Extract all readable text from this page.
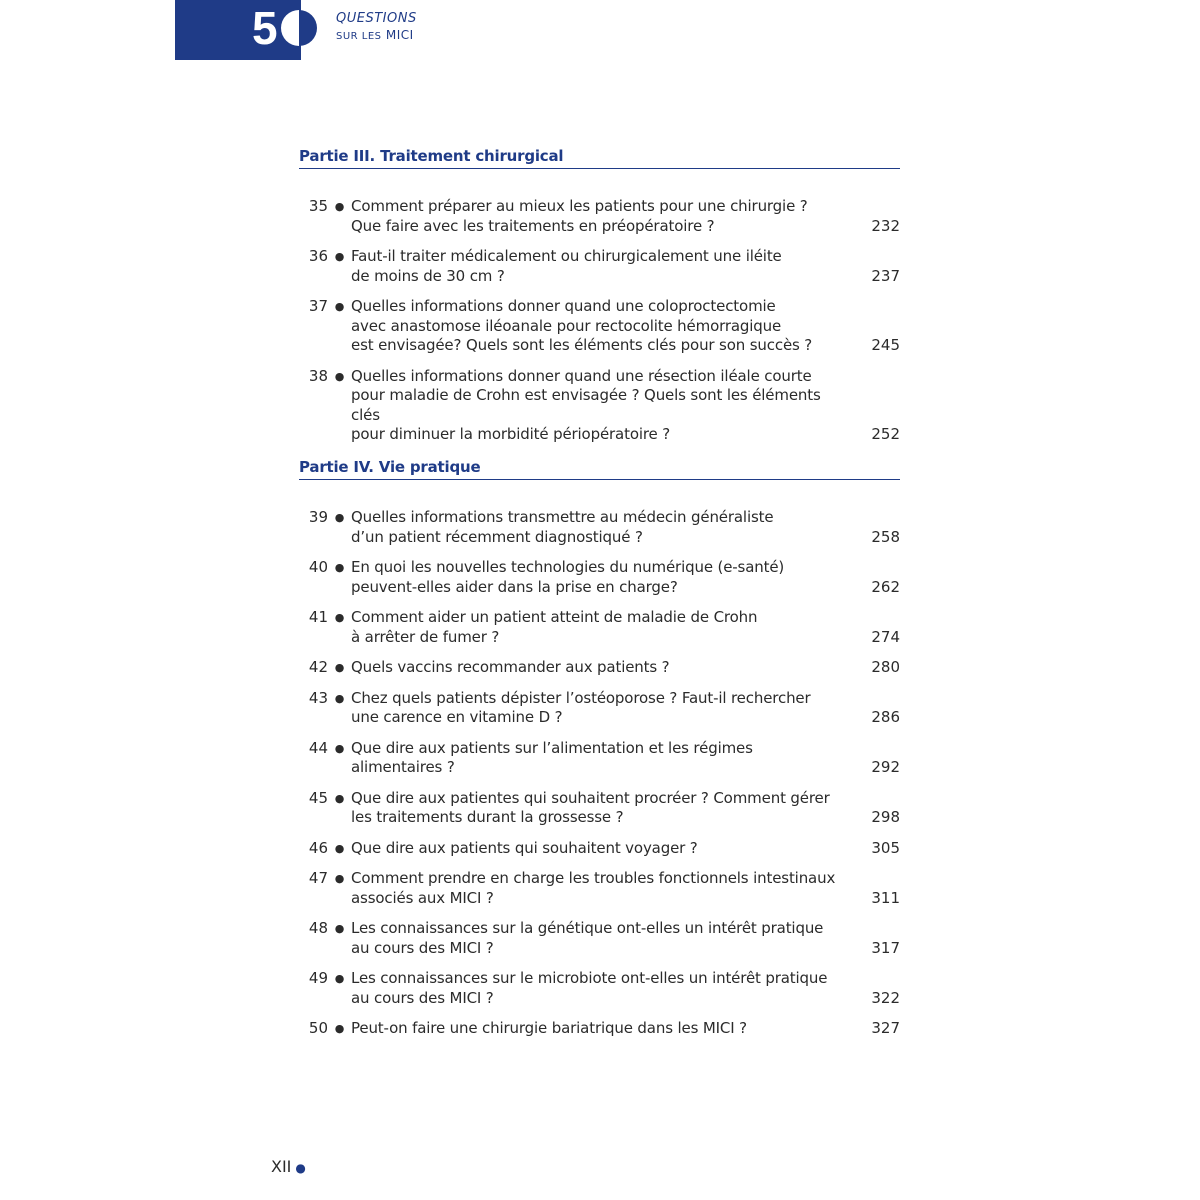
5	QUESTIONS
SUR LES MICI
Partie III. Traitement chirurgical
35 ● Comment préparer au mieux les patients pour une chirurgie ?
Que faire avec les traitements en préopératoire ?	232
36 ● Faut-il traiter médicalement ou chirurgicalement une iléite
de moins de 30 cm ?	237
37 ● Quelles informations donner quand une coloproctectomie
avec anastomose iléoanale pour rectocolite hémorragique
est envisagée? Quels sont les éléments clés pour son succès ?	245
38 ● Quelles informations donner quand une résection iléale courte
pour maladie de Crohn est envisagée ? Quels sont les éléments clés
pour diminuer la morbidité périopératoire ?	252
Partie IV. Vie pratique
39 ● Quelles informations transmettre au médecin généraliste
d’un patient récemment diagnostiqué ?	258
40 ● En quoi les nouvelles technologies du numérique (e-santé)
peuvent-elles aider dans la prise en charge?	262
41 ● Comment aider un patient atteint de maladie de Crohn
à arrêter de fumer ?	274
42 ● Quels vaccins recommander aux patients ?	280
43 ● Chez quels patients dépister l’ostéoporose ? Faut-il rechercher
une carence en vitamine D ?	286
44 ● Que dire aux patients sur l’alimentation et les régimes alimentaires ?	292
45 ● Que dire aux patientes qui souhaitent procréer ? Comment gérer
les traitements durant la grossesse ?	298
46 ● Que dire aux patients qui souhaitent voyager ?	305
47 ● Comment prendre en charge les troubles fonctionnels intestinaux
associés aux MICI ?	311
48 ● Les connaissances sur la génétique ont-elles un intérêt pratique
au cours des MICI ?	317
49 ● Les connaissances sur le microbiote ont-elles un intérêt pratique
au cours des MICI ?	322
50 ● Peut-on faire une chirurgie bariatrique dans les MICI ?	327
XII ●
